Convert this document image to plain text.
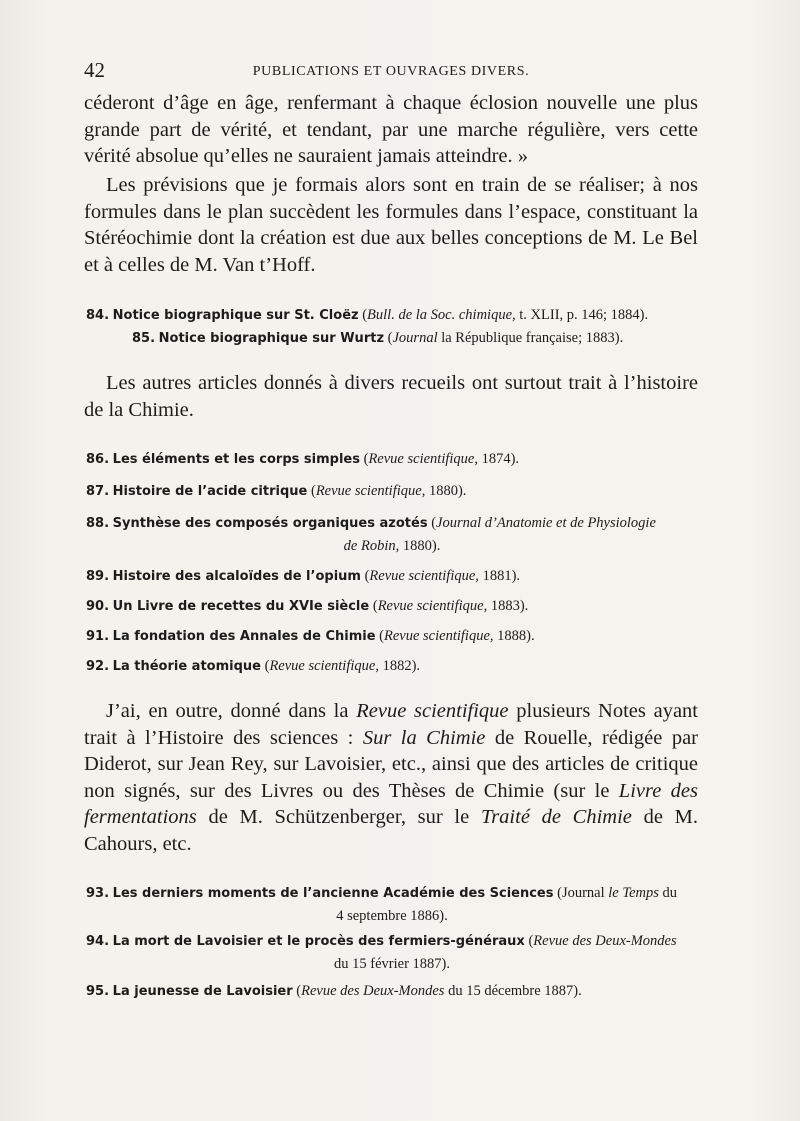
42	PUBLICATIONS ET OUVRAGES DIVERS.

céderont d’âge en âge, renfermant à chaque éclosion nouvelle une plus grande part de vérité, et tendant, par une marche régulière, vers cette vérité absolue qu’elles ne sauraient jamais atteindre. »

Les prévisions que je formais alors sont en train de se réaliser; à nos formules dans le plan succèdent les formules dans l’espace, constituant la Stéréochimie dont la création est due aux belles conceptions de M. Le Bel et à celles de M. Van t’Hoff.

84. Notice biographique sur St. Cloëz (Bull. de la Soc. chimique, t. XLII, p. 146; 1884).
85. Notice biographique sur Wurtz (Journal la République française; 1883).

Les autres articles donnés à divers recueils ont surtout trait à l’histoire de la Chimie.

86. Les éléments et les corps simples (Revue scientifique, 1874).
87. Histoire de l’acide citrique (Revue scientifique, 1880).
88. Synthèse des composés organiques azotés (Journal d’Anatomie et de Physiologie
de Robin, 1880).
89. Histoire des alcaloïdes de l’opium (Revue scientifique, 1881).
90. Un Livre de recettes du XVIe siècle (Revue scientifique, 1883).
91. La fondation des Annales de Chimie (Revue scientifique, 1888).
92. La théorie atomique (Revue scientifique, 1882).

J’ai, en outre, donné dans la Revue scientifique plusieurs Notes ayant trait à l’Histoire des sciences : Sur la Chimie de Rouelle, rédigée par Diderot, sur Jean Rey, sur Lavoisier, etc., ainsi que des articles de critique non signés, sur des Livres ou des Thèses de Chimie (sur le Livre des fermentations de M. Schützenberger, sur le Traité de Chimie de M. Cahours, etc.

93. Les derniers moments de l’ancienne Académie des Sciences (Journal le Temps du
4 septembre 1886).
94. La mort de Lavoisier et le procès des fermiers-généraux (Revue des Deux-Mondes
du 15 février 1887).
95. La jeunesse de Lavoisier (Revue des Deux-Mondes du 15 décembre 1887).
